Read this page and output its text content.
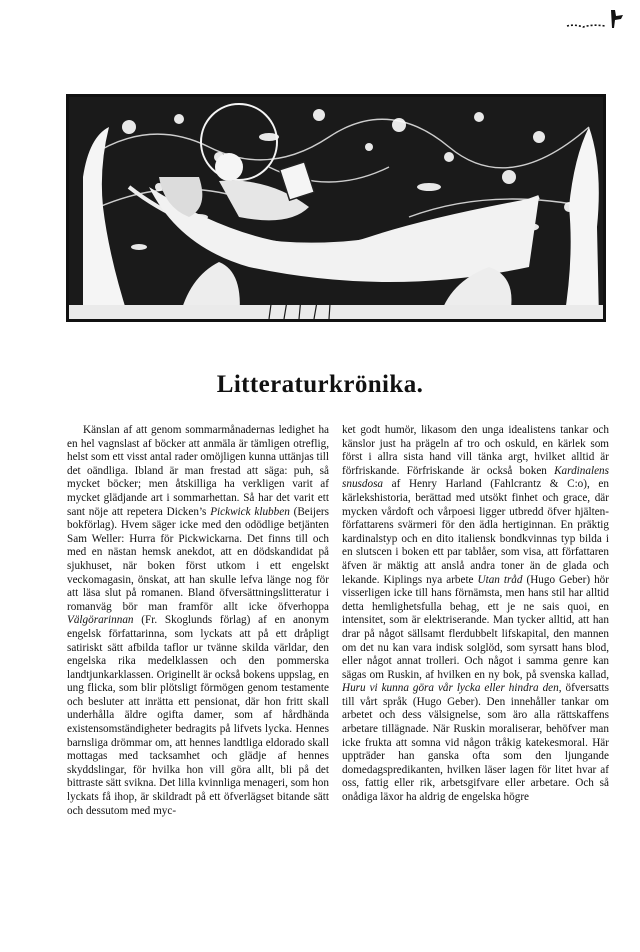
Litteraturkrönika.

Känslan af att genom sommarmånadernas ledighet ha en hel vagnslast af böcker att anmäla är tämligen otreflig, helst som ett visst antal rader omöjligen kunna uttänjas till det oändliga. Ibland är man frestad att säga: puh, så mycket böcker; men åtskilliga ha verkligen varit af mycket glädjande art i sommarhettan. Så har det varit ett sant nöje att repetera Dicken’s Pickwick klubben (Beijers bokförlag). Hvem säger icke med den odödlige betjänten Sam Weller: Hurra för Pickwickarna. Det finns till och med en nästan hemsk anekdot, att en dödskandidat på sjukhuset, när boken först utkom i ett engelskt veckomagasin, önskat, att han skulle lefva länge nog för att läsa slut på romanen. Bland öfversättningslitteratur i romanväg bör man framför allt icke öfverhoppa Välgörarinnan (Fr. Skoglunds förlag) af en anonym engelsk författarinna, som lyckats att på ett dråpligt satiriskt sätt afbilda taflor ur tvänne skilda världar, den engelska rika medelklassen och den pommerska landtjunkarklassen. Originellt är också bokens uppslag, en ung flicka, som blir plötsligt förmögen genom testamente och besluter att inrätta ett pensionat, där hon fritt skall underhålla äldre ogifta damer, som af hårdhända existensomständigheter bedragits på lifvets lycka. Hennes barnsliga drömmar om, att hennes landtliga eldorado skall mottagas med tacksamhet och glädje af hennes skyddslingar, för hvilka hon vill göra allt, bli på det bittraste sätt svikna. Det lilla kvinnliga menageri, som hon lyckats få ihop, är skildradt på ett öfverlägset bitande sätt och dessutom med myc-

ket godt humör, likasom den unga idealistens tankar och känslor just ha prägeln af tro och oskuld, en kärlek som först i allra sista hand vill tänka argt, hvilket alltid är förfriskande. Förfriskande är också boken Kardinalens snusdosa af Henry Harland (Fahlcrantz & C:o), en kärlekshistoria, berättad med utsökt finhet och grace, där mycken vårdoft och vårpoesi ligger utbredd öfver hjälten-författarens svärmeri för den ädla hertiginnan. En präktig kardinalstyp och en dito italiensk bondkvinnas typ bilda i en slutscen i boken ett par tablåer, som visa, att författaren äfven är mäktig att anslå andra toner än de glada och lekande. Kiplings nya arbete Utan tråd (Hugo Geber) hör visserligen icke till hans förnämsta, men hans stil har alltid detta hemlighetsfulla behag, ett je ne sais quoi, en intensitet, som är elektriserande. Man tycker alltid, att han drar på något sällsamt flerdubbelt lifskapital, den mannen om det nu kan vara indisk solglöd, som syrsatt hans blod, eller något annat trolleri. Och något i samma genre kan sägas om Ruskin, af hvilken en ny bok, på svenska kallad, Huru vi kunna göra vår lycka eller hindra den, öfversatts till vårt språk (Hugo Geber). Den innehåller tankar om arbetet och dess välsignelse, som äro alla rättskaffens arbetare tillägnade. När Ruskin moraliserar, behöfver man icke frukta att somna vid någon tråkig katekesmoral. Här uppträder han ganska ofta som den ljungande domedagspredikanten, hvilken läser lagen för litet hvar af oss, fattig eller rik, arbetsgifvare eller arbetare. Och så onådiga läxor ha aldrig de engelska högre
